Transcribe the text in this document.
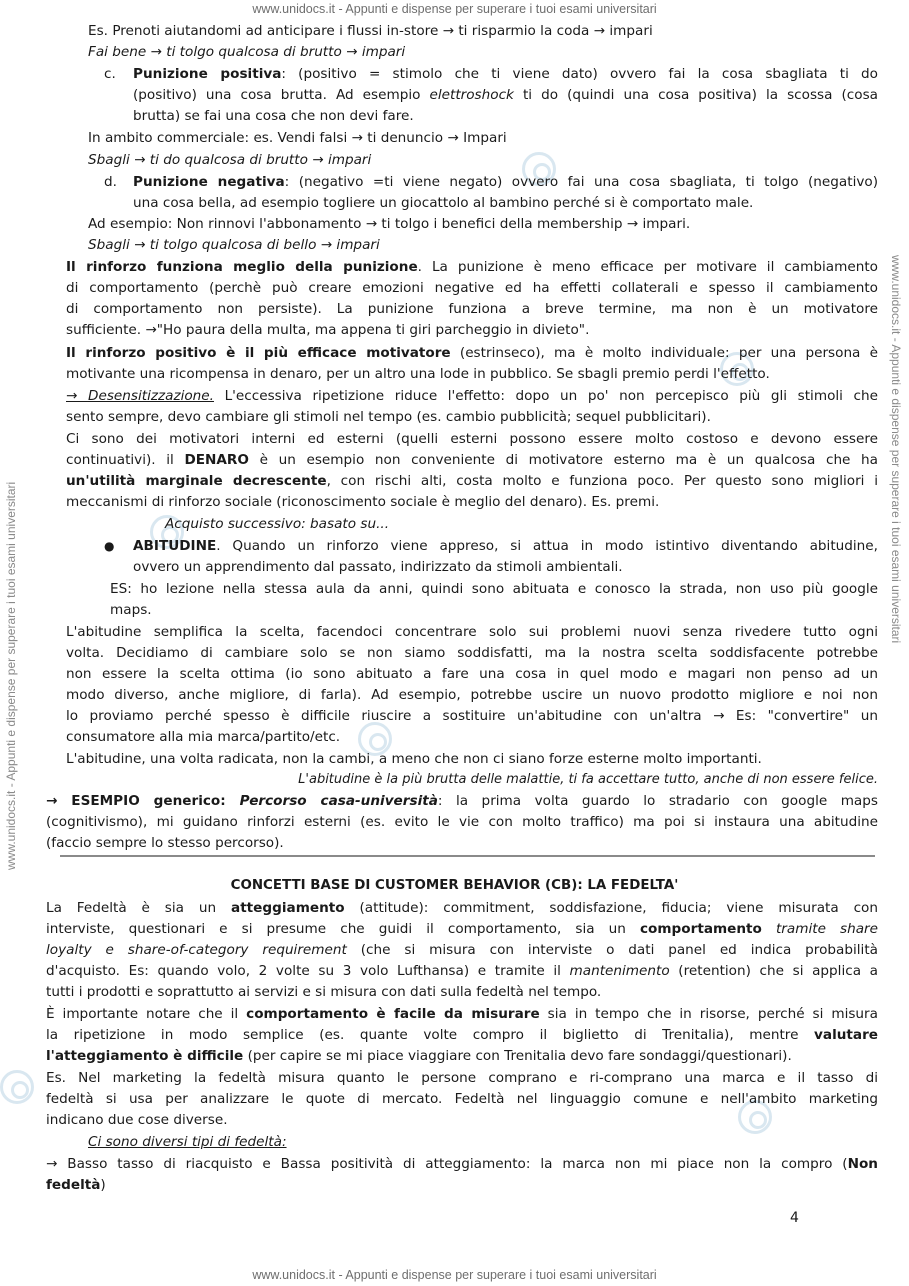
www.unidocs.it - Appunti e dispense per superare i tuoi esami universitari
www.unidocs.it - Appunti e dispense per superare i tuoi esami universitari
www.unidocs.it - Appunti e dispense per superare i tuoi esami universitari
www.unidocs.it - Appunti e dispense per superare i tuoi esami universitari
Es. Prenoti aiutandomi ad anticipare i flussi in-store → ti risparmio la coda → impari
Fai bene → ti tolgo qualcosa di brutto → impari
c. Punizione positiva: (positivo = stimolo che ti viene dato) ovvero fai la cosa sbagliata ti do
(positivo) una cosa brutta. Ad esempio elettroshock ti do (quindi una cosa positiva) la scossa (cosa
brutta) se fai una cosa che non devi fare.
In ambito commerciale: es. Vendi falsi → ti denuncio → Impari
Sbagli → ti do qualcosa di brutto → impari
d. Punizione negativa: (negativo =ti viene negato) ovvero fai una cosa sbagliata, ti tolgo (negativo)
una cosa bella, ad esempio togliere un giocattolo al bambino perché si è comportato male.
Ad esempio: Non rinnovi l'abbonamento → ti tolgo i benefici della membership → impari.
Sbagli → ti tolgo qualcosa di bello → impari
Il rinforzo funziona meglio della punizione. La punizione è meno efficace per motivare il cambiamento
di comportamento (perchè può creare emozioni negative ed ha effetti collaterali e spesso il cambiamento
di comportamento non persiste). La punizione funziona a breve termine, ma non è un motivatore
sufficiente. →"Ho paura della multa, ma appena ti giri parcheggio in divieto".
Il rinforzo positivo è il più efficace motivatore (estrinseco), ma è molto individuale: per una persona è
motivante una ricompensa in denaro, per un altro una lode in pubblico. Se sbagli premio perdi l'effetto.
→ Desensitizzazione. L'eccessiva ripetizione riduce l'effetto: dopo un po' non percepisco più gli stimoli che
sento sempre, devo cambiare gli stimoli nel tempo (es. cambio pubblicità; sequel pubblicitari).
Ci sono dei motivatori interni ed esterni (quelli esterni possono essere molto costoso e devono essere
continuativi). il DENARO è un esempio non conveniente di motivatore esterno ma è un qualcosa che ha
un'utilità marginale decrescente, con rischi alti, costa molto e funziona poco. Per questo sono migliori i
meccanismi di rinforzo sociale (riconoscimento sociale è meglio del denaro). Es. premi.
Acquisto successivo: basato su...
● ABITUDINE. Quando un rinforzo viene appreso, si attua in modo istintivo diventando abitudine,
ovvero un apprendimento dal passato, indirizzato da stimoli ambientali.
ES: ho lezione nella stessa aula da anni, quindi sono abituata e conosco la strada, non uso più google
maps.
L'abitudine semplifica la scelta, facendoci concentrare solo sui problemi nuovi senza rivedere tutto ogni
volta. Decidiamo di cambiare solo se non siamo soddisfatti, ma la nostra scelta soddisfacente potrebbe
non essere la scelta ottima (io sono abituato a fare una cosa in quel modo e magari non penso ad un
modo diverso, anche migliore, di farla). Ad esempio, potrebbe uscire un nuovo prodotto migliore e noi non
lo proviamo perché spesso è difficile riuscire a sostituire un'abitudine con un'altra → Es: "convertire" un
consumatore alla mia marca/partito/etc.
L'abitudine, una volta radicata, non la cambi, a meno che non ci siano forze esterne molto importanti.
L'abitudine è la più brutta delle malattie, ti fa accettare tutto, anche di non essere felice.
→ ESEMPIO generico: Percorso casa-università: la prima volta guardo lo stradario con google maps
(cognitivismo), mi guidano rinforzi esterni (es. evito le vie con molto traffico) ma poi si instaura una abitudine
(faccio sempre lo stesso percorso).
CONCETTI BASE DI CUSTOMER BEHAVIOR (CB): LA FEDELTA'
La Fedeltà è sia un atteggiamento (attitude): commitment, soddisfazione, fiducia; viene misurata con
interviste, questionari e si presume che guidi il comportamento, sia un comportamento tramite share
loyalty e share-of-category requirement (che si misura con interviste o dati panel ed indica probabilità
d'acquisto. Es: quando volo, 2 volte su 3 volo Lufthansa) e tramite il mantenimento (retention) che si applica a
tutti i prodotti e soprattutto ai servizi e si misura con dati sulla fedeltà nel tempo.
È importante notare che il comportamento è facile da misurare sia in tempo che in risorse, perché si misura
la ripetizione in modo semplice (es. quante volte compro il biglietto di Trenitalia), mentre valutare
l'atteggiamento è difficile (per capire se mi piace viaggiare con Trenitalia devo fare sondaggi/questionari).
Es. Nel marketing la fedeltà misura quanto le persone comprano e ri-comprano una marca e il tasso di
fedeltà si usa per analizzare le quote di mercato. Fedeltà nel linguaggio comune e nell'ambito marketing
indicano due cose diverse.
Ci sono diversi tipi di fedeltà:
→ Basso tasso di riacquisto e Bassa positività di atteggiamento: la marca non mi piace non la compro (Non
fedeltà)
4
